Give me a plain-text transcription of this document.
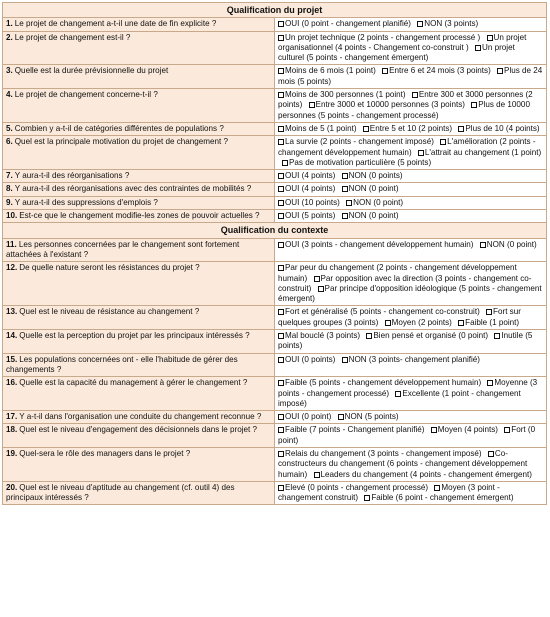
Qualification du projet	
1. Le projet de changement a-t-il une date de fin explicite ?	OUI (0 point - changement planifié) NON (3 points)
2. Le projet de changement est-il ?	Un projet technique (2 points - changement processé ) Un projet organisationnel (4 points - Changement co-construit ) Un projet culturel (5 points - changement émergent)
3. Quelle est la durée prévisionnelle du projet	Moins de 6 mois (1 point) Entre 6 et 24 mois (3 points) Plus de 24 mois (5 points)
4. Le projet de changement concerne-t-il ?	Moins de 300 personnes (1 point) Entre 300 et 3000 personnes (2 points) Entre 3000 et 10000 personnes (3 points) Plus de 10000 personnes (5 points - changement processé)
5. Combien y a-t-il de catégories différentes de populations ?	Moins de 5 (1 point) Entre 5 et 10 (2 points) Plus de 10 (4 points)
6. Quel est la principale motivation du projet de changement ?	La survie (2 points - changement imposé) L'amélioration (2 points - changement développement humain) L'attrait au changement (1 point) Pas de motivation particulière (5 points)
7. Y aura-t-il des réorganisations ?	OUI (4 points) NON (0 points)
8. Y aura-t-il des réorganisations avec des contraintes de mobilités ?	OUI (4 points) NON (0 point)
9. Y aura-t-il des suppressions d'emplois ?	OUI (10 points) NON (0 point)
10. Est-ce que le changement modifie-les zones de pouvoir actuelles ?	OUI (5 points) NON (0 point)
Qualification du contexte	
11. Les personnes concernées par le changement sont fortement attachées à l'existant ?	OUI (3 points - changement développement humain) NON (0 point)
12. De quelle nature seront les résistances du projet ?	Par peur du changement (2 points - changement développement humain) Par opposition avec la direction (3 points - changement co-construit) Par principe d'opposition idéologique (5 points - changement émergent)
13. Quel est le niveau de résistance au changement ?	Fort et généralisé (5 points - changement co-construit) Fort sur quelques groupes (3 points) Moyen (2 points) Faible (1 point)
14. Quelle est la perception du projet par les principaux intéressés ?	Mal bouclé (3 points) Bien pensé et organisé (0 point) Inutile (5 points)
15. Les populations concernées ont - elle l'habitude de gérer des changements ?	OUI (0 points) NON (3 points- changement planifié)
16. Quelle est la capacité du management à gérer le changement ?	Faible (5 points - changement développement humain) Moyenne (3 points - changement processé) Excellente (1 point - changement imposé)
17. Y a-t-il dans l'organisation une conduite du changement reconnue ?	OUI (0 point) NON (5 points)
18. Quel est le niveau d'engagement des décisionnels dans le projet ?	Faible (7 points - Changement planifié) Moyen (4 points) Fort (0 point)
19. Quel-sera le rôle des managers dans le projet ?	Relais du changement (3 points - changement imposé) Co-constructeurs du changement (6 points - changement développement humain) Leaders du changement (4 points - changement émergent)
20. Quel est le niveau d'aptitude au changement (cf. outil 4) des principaux intéressés ?	Elevé (0 points - changement processé) Moyen (3 point - changement construit) Faible (6 point - changement émergent)
